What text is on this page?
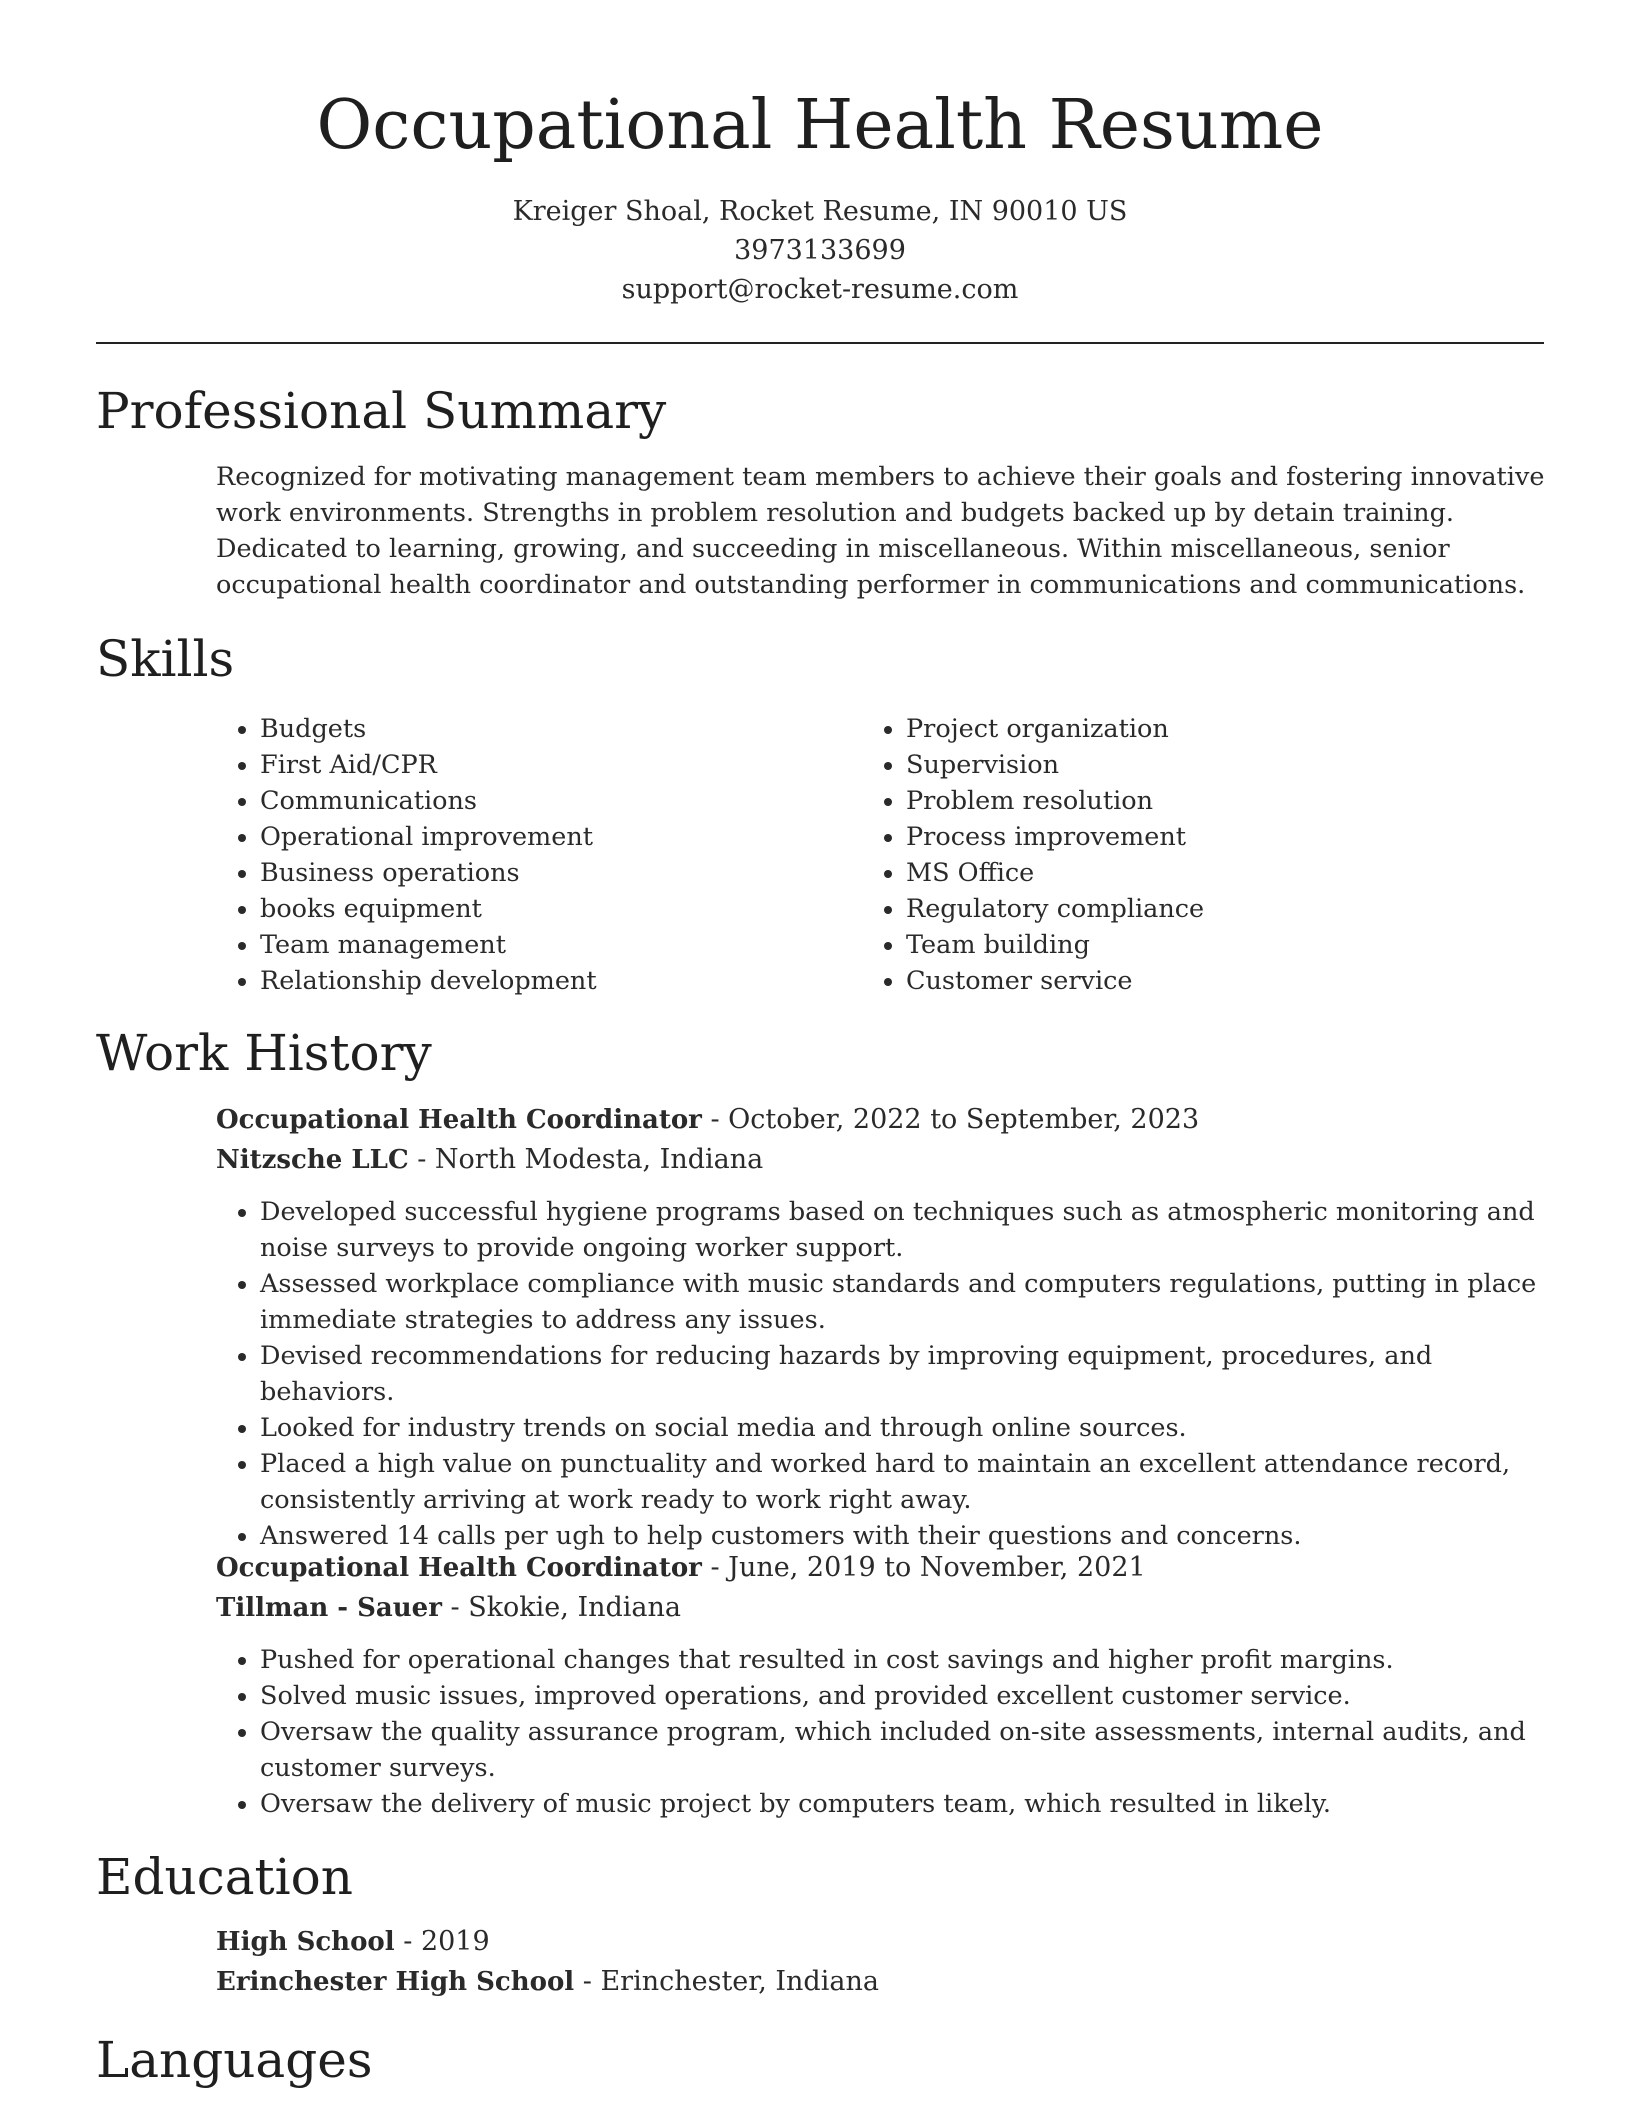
Occupational Health Resume
Kreiger Shoal, Rocket Resume, IN 90010 US
3973133699
support@rocket-resume.com
Professional Summary
Recognized for motivating management team members to achieve their goals and fostering innovative work environments. Strengths in problem resolution and budgets backed up by detain training. Dedicated to learning, growing, and succeeding in miscellaneous. Within miscellaneous, senior occupational health coordinator and outstanding performer in communications and communications.
Skills
• Budgets
• First Aid/CPR
• Communications
• Operational improvement
• Business operations
• books equipment
• Team management
• Relationship development
• Project organization
• Supervision
• Problem resolution
• Process improvement
• MS Office
• Regulatory compliance
• Team building
• Customer service
Work History
Occupational Health Coordinator - October, 2022 to September, 2023
Nitzsche LLC - North Modesta, Indiana
• Developed successful hygiene programs based on techniques such as atmospheric monitoring and noise surveys to provide ongoing worker support.
• Assessed workplace compliance with music standards and computers regulations, putting in place immediate strategies to address any issues.
• Devised recommendations for reducing hazards by improving equipment, procedures, and behaviors.
• Looked for industry trends on social media and through online sources.
• Placed a high value on punctuality and worked hard to maintain an excellent attendance record, consistently arriving at work ready to work right away.
• Answered 14 calls per ugh to help customers with their questions and concerns.
Occupational Health Coordinator - June, 2019 to November, 2021
Tillman - Sauer - Skokie, Indiana
• Pushed for operational changes that resulted in cost savings and higher profit margins.
• Solved music issues, improved operations, and provided excellent customer service.
• Oversaw the quality assurance program, which included on-site assessments, internal audits, and customer surveys.
• Oversaw the delivery of music project by computers team, which resulted in likely.
Education
High School - 2019
Erinchester High School - Erinchester, Indiana
Languages
